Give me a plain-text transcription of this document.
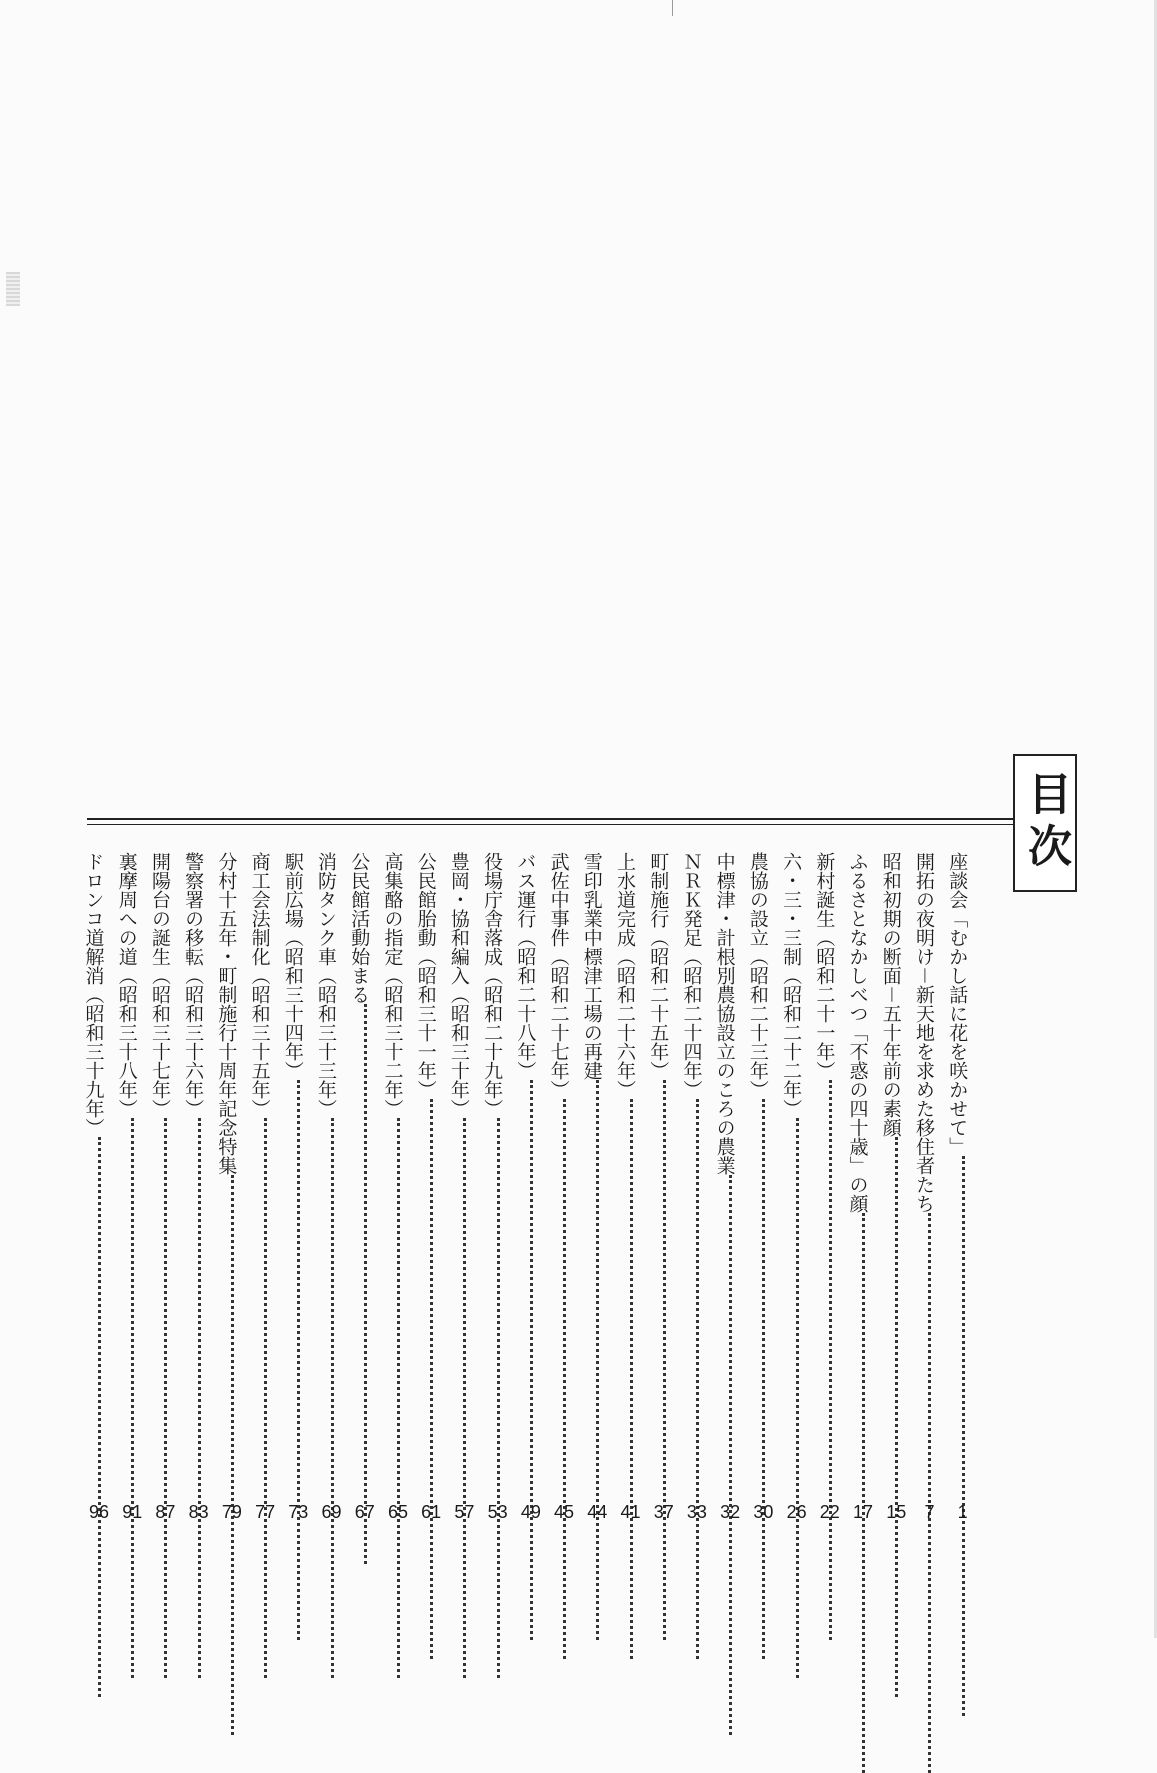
目次
座談会「むかし話に花を咲かせて」
1
開拓の夜明け－新天地を求めた移住者たち
7
昭和初期の断面－五十年前の素顔
15
ふるさとなかしべつ「不惑の四十歳」の顔
17
新村誕生（昭和二十一年）
22
六・三・三制（昭和二十二年）
26
農協の設立（昭和二十三年）
30
中標津・計根別農協設立のころの農業
32
ＮＲＫ発足（昭和二十四年）
33
町制施行（昭和二十五年）
37
上水道完成（昭和二十六年）
41
雪印乳業中標津工場の再建
44
武佐中事件（昭和二十七年）
45
バス運行（昭和二十八年）
49
役場庁舎落成（昭和二十九年）
53
豊岡・協和編入（昭和三十年）
57
公民館胎動（昭和三十一年）
61
高集酪の指定（昭和三十二年）
65
公民館活動始まる
67
消防タンク車（昭和三十三年）
69
駅前広場（昭和三十四年）
73
商工会法制化（昭和三十五年）
77
分村十五年・町制施行十周年記念特集
79
警察署の移転（昭和三十六年）
83
開陽台の誕生（昭和三十七年）
87
裏摩周への道（昭和三十八年）
91
ドロンコ道解消（昭和三十九年）
96
